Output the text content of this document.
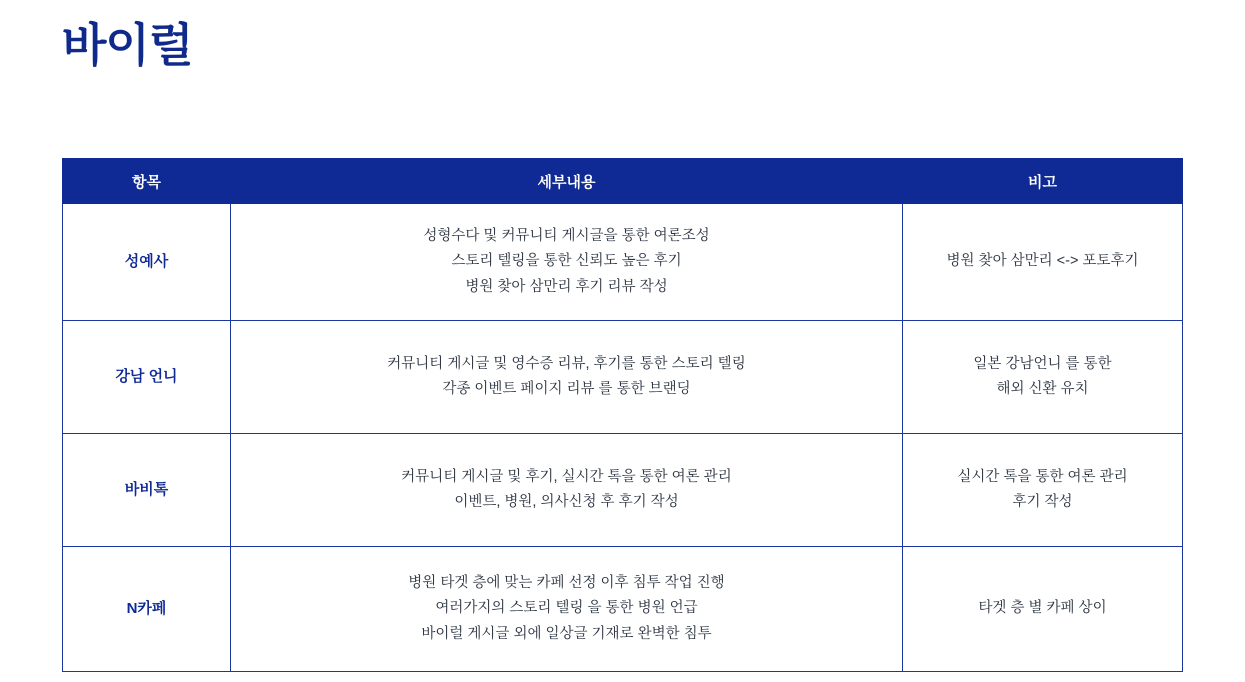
바이럴
항목	세부내용	비고
성예사	성형수다 및 커뮤니티 게시글을 통한 여론조성
스토리 텔링을 통한 신뢰도 높은 후기
병원 찾아 삼만리 후기 리뷰 작성	병원 찾아 삼만리 <-> 포토후기

강남 언니	커뮤니티 게시글 및 영수증 리뷰, 후기를 통한 스토리 텔링
각종 이벤트 페이지 리뷰 를 통한 브랜딩	일본 강남언니 를 통한
해외 신환 유치

바비톡	커뮤니티 게시글 및 후기, 실시간 톡을 통한 여론 관리
이벤트, 병원, 의사신청 후 후기 작성	실시간 톡을 통한 여론 관리
후기 작성

N카페	병원 타겟 층에 맞는 카페 선정 이후 침투 작업 진행
여러가지의 스토리 텔링 을 통한 병원 언급
바이럴 게시글 외에 일상글 기재로 완벽한 침투	타겟 층 별 카페 상이
